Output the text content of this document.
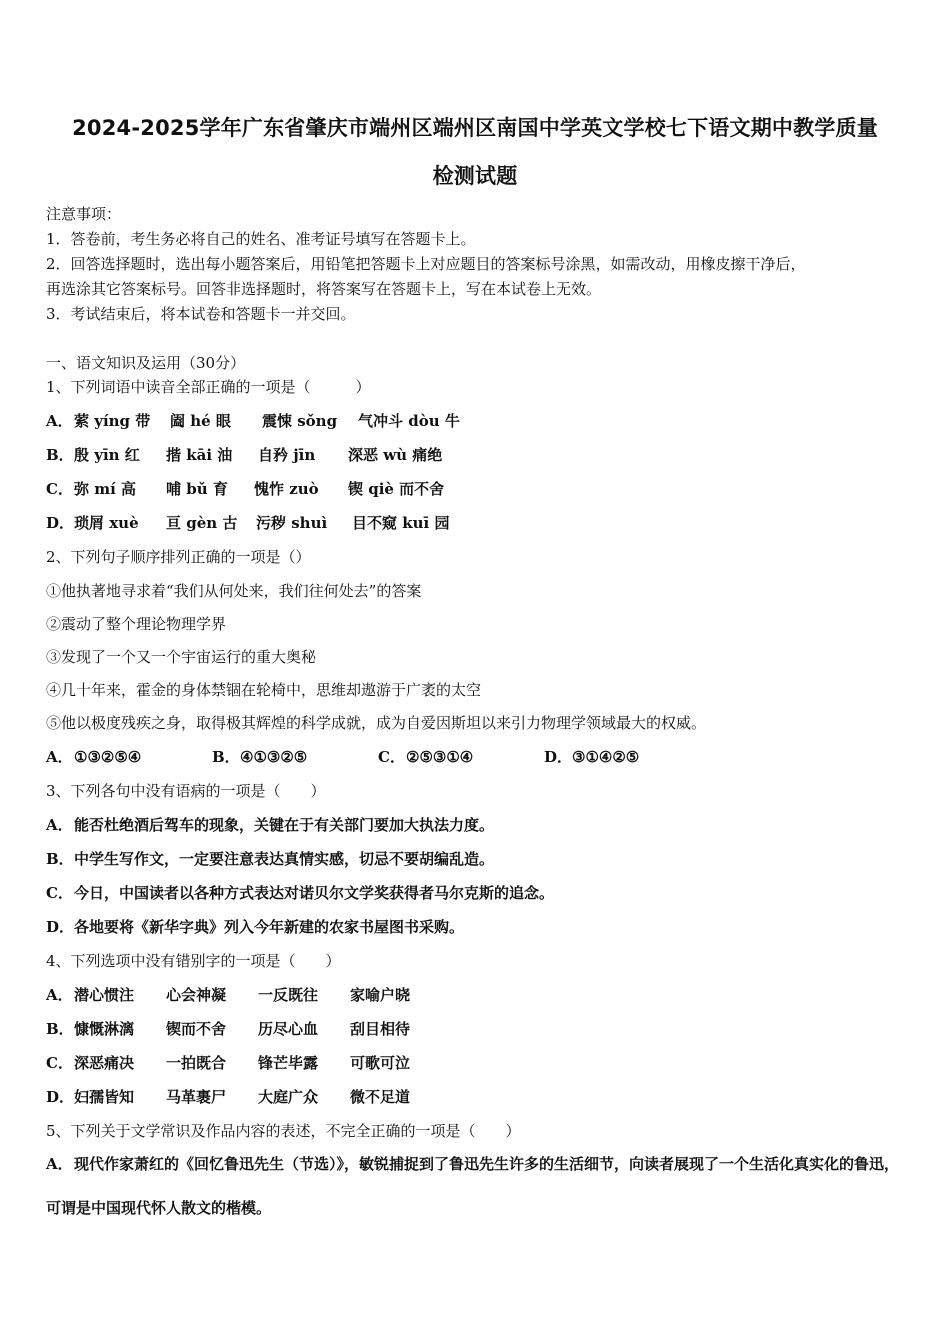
2024-2025学年广东省肇庆市端州区端州区南国中学英文学校七下语文期中教学质量
检测试题
注意事项：
1．答卷前，考生务必将自己的姓名、准考证号填写在答题卡上。
2．回答选择题时，选出每小题答案后，用铅笔把答题卡上对应题目的答案标号涂黑，如需改动，用橡皮擦干净后，
再选涂其它答案标号。回答非选择题时，将答案写在答题卡上，写在本试卷上无效。
3．考试结束后，将本试卷和答题卡一并交回。
一、语文知识及运用（30分）
1、下列词语中读音全部正确的一项是（　　　）
A．萦 yíng 带 阖 hé 眼 震悚 sǒng 气冲斗 dòu 牛
B．殷 yīn 红 揩 kāi 油 自矜 jīn 深恶 wù 痛绝
C．弥 mí 高 哺 bǔ 育 愧怍 zuò 锲 qiè 而不舍
D．琐屑 xuè 亘 gèn 古 污秽 shuì 目不窥 kuī 园
2、下列句子顺序排列正确的一项是（）
①他执著地寻求着“我们从何处来，我们往何处去”的答案
②震动了整个理论物理学界
③发现了一个又一个宇宙运行的重大奥秘
④几十年来，霍金的身体禁锢在轮椅中，思维却遨游于广袤的太空
⑤他以极度残疾之身，取得极其辉煌的科学成就，成为自爱因斯坦以来引力物理学领域最大的权威。
A．①③②⑤④	B．④①③②⑤	C．②⑤③①④	D．③①④②⑤
3、下列各句中没有语病的一项是（　　）
A．能否杜绝酒后驾车的现象，关键在于有关部门要加大执法力度。
B．中学生写作文，一定要注意表达真情实感，切忌不要胡编乱造。
C．今日，中国读者以各种方式表达对诺贝尔文学奖获得者马尔克斯的追念。
D．各地要将《新华字典》列入今年新建的农家书屋图书采购。
4、下列选项中没有错别字的一项是（　　）
A．潜心惯注 心会神凝 一反既往 家喻户晓
B．慷慨淋漓 锲而不舍 历尽心血 刮目相待
C．深恶痛决 一拍既合 锋芒毕露 可歌可泣
D．妇孺皆知 马革裹尸 大庭广众 微不足道
5、下列关于文学常识及作品内容的表述，不完全正确的一项是（　　）
A．现代作家萧红的《回忆鲁迅先生（节选）》，敏锐捕捉到了鲁迅先生许多的生活细节，向读者展现了一个生活化真实化的鲁迅，可谓是中国现代怀人散文的楷模。
